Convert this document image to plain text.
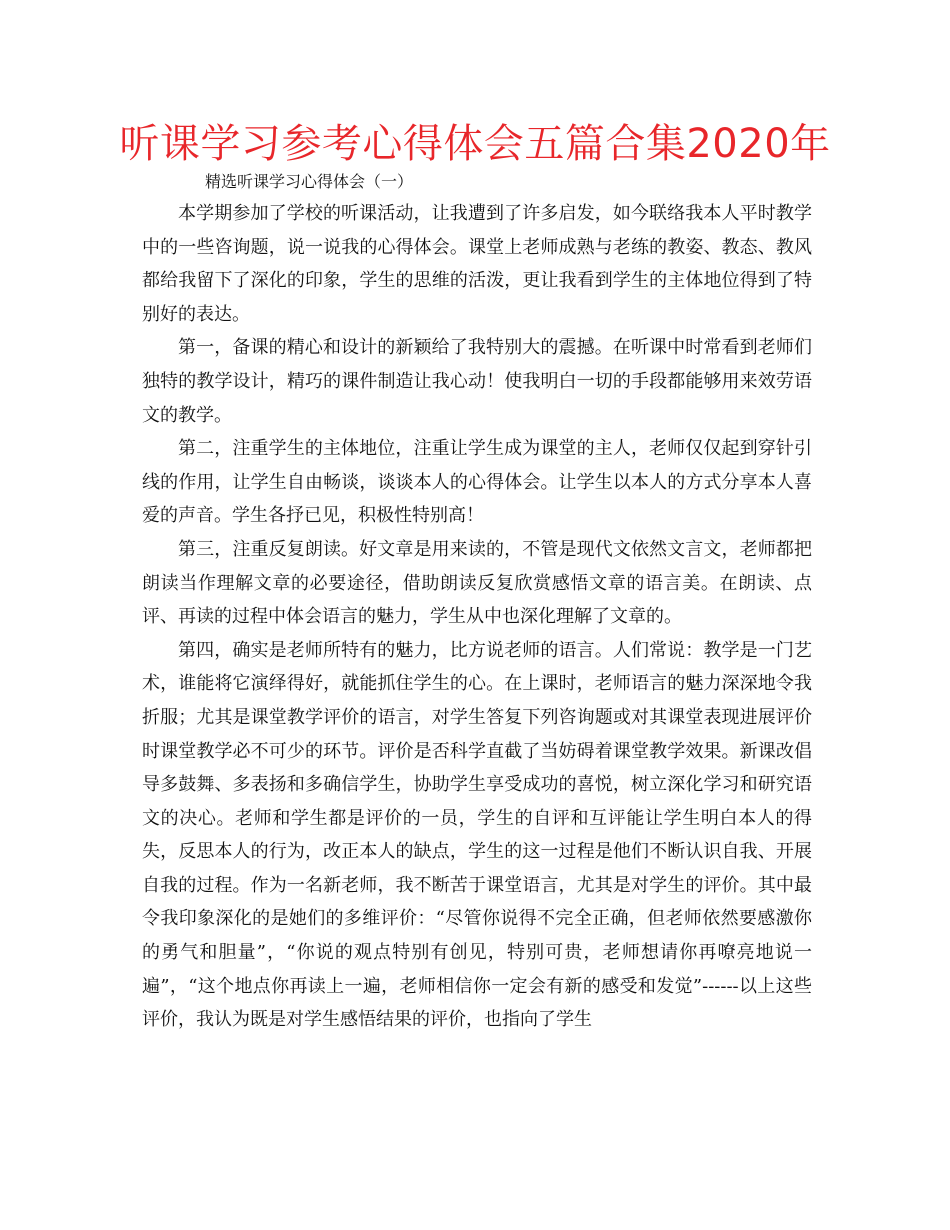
听课学习参考心得体会五篇合集2020年
精选听课学习心得体会（一）

本学期参加了学校的听课活动，让我遭到了许多启发，如今联络我本人平时教学中的一些咨询题，说一说我的心得体会。课堂上老师成熟与老练的教姿、教态、教风都给我留下了深化的印象，学生的思维的活泼，更让我看到学生的主体地位得到了特别好的表达。

第一，备课的精心和设计的新颖给了我特别大的震撼。在听课中时常看到老师们独特的教学设计，精巧的课件制造让我心动！使我明白一切的手段都能够用来效劳语文的教学。

第二，注重学生的主体地位，注重让学生成为课堂的主人，老师仅仅起到穿针引线的作用，让学生自由畅谈，谈谈本人的心得体会。让学生以本人的方式分享本人喜爱的声音。学生各抒已见，积极性特别高！

第三，注重反复朗读。好文章是用来读的，不管是现代文依然文言文，老师都把朗读当作理解文章的必要途径，借助朗读反复欣赏感悟文章的语言美。在朗读、点评、再读的过程中体会语言的魅力，学生从中也深化理解了文章的。

第四，确实是老师所特有的魅力，比方说老师的语言。人们常说：教学是一门艺术，谁能将它演绎得好，就能抓住学生的心。在上课时，老师语言的魅力深深地令我折服；尤其是课堂教学评价的语言，对学生答复下列咨询题或对其课堂表现进展评价时课堂教学必不可少的环节。评价是否科学直截了当妨碍着课堂教学效果。新课改倡导多鼓舞、多表扬和多确信学生，协助学生享受成功的喜悦，树立深化学习和研究语文的决心。老师和学生都是评价的一员，学生的自评和互评能让学生明白本人的得失，反思本人的行为，改正本人的缺点，学生的这一过程是他们不断认识自我、开展自我的过程。作为一名新老师，我不断苦于课堂语言，尤其是对学生的评价。其中最令我印象深化的是她们的多维评价：“尽管你说得不完全正确，但老师依然要感激你的勇气和胆量”，“你说的观点特别有创见，特别可贵，老师想请你再嘹亮地说一遍”，“这个地点你再读上一遍，老师相信你一定会有新的感受和发觉”------以上这些评价，我认为既是对学生感悟结果的评价，也指向了学生
